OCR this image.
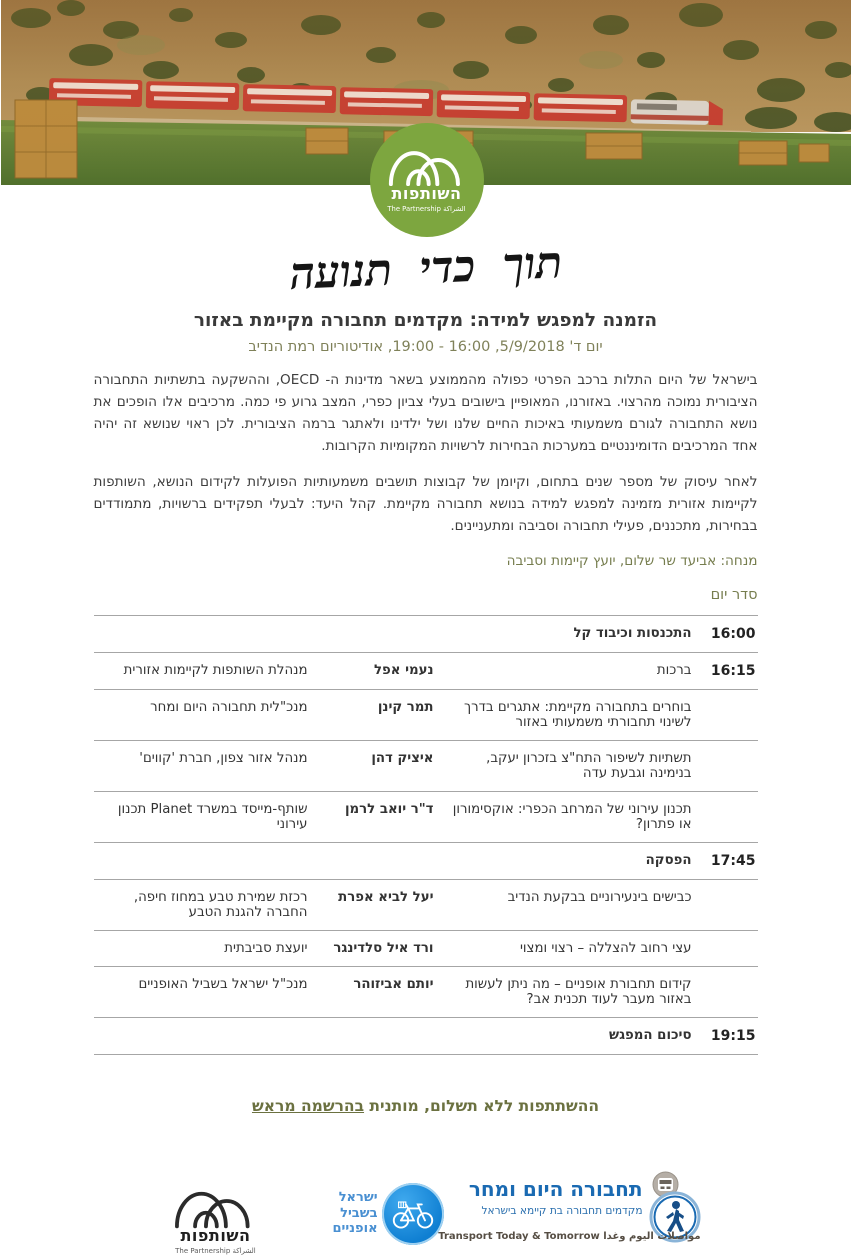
השותפות
The Partnership الشراكة
תוך כדי תנועה
הזמנה למפגש למידה: מקדמים תחבורה מקיימת באזור
יום ד' 5/9/2018, 16:00 - 19:00, אודיטוריום רמת הנדיב

בישראל של היום התלות ברכב הפרטי כפולה מהממוצע בשאר מדינות ה- OECD, וההשקעה בתשתיות התחבורה הציבורית נמוכה מהרצוי. באזורנו, המאופיין בישובים בעלי צביון כפרי, המצב גרוע פי כמה. מרכיבים אלו הופכים את נושא התחבורה לגורם משמעותי באיכות החיים שלנו ושל ילדינו ולאתגר ברמה הציבורית. לכן ראוי שנושא זה יהיה אחד המרכיבים הדומיננטיים במערכות הבחירות לרשויות המקומיות הקרובות.

לאחר עיסוק של מספר שנים בתחום, וקיומן של קבוצות תושבים משמעותיות הפועלות לקידום הנושא, השותפות לקיימות אזורית מזמינה למפגש למידה בנושא תחבורה מקיימת. קהל היעד: לבעלי תפקידים ברשויות, מתמודדים בבחירות, מתכננים, פעילי תחבורה וסביבה ומתעניינים.

מנחה: אביעד שר שלום, יועץ קיימות וסביבה
סדר יום
16:00	התכנסות וכיבוד קל		
16:15	ברכות	נעמי אפל	מנהלת השותפות לקיימות אזורית
	בוחרים בתחבורה מקיימת: אתגרים בדרך לשינוי תחבורתי משמעותי באזור	תמר קינן	מנכ"לית תחבורה היום ומחר
	תשתיות לשיפור התח"צ בזכרון יעקב, בנימינה וגבעת עדה	איציק דהן	מנהל אזור צפון, חברת 'קווים'
	תכנון עירוני של המרחב הכפרי: אוקסימורון או פתרון?	ד"ר יואב לרמן	שותף-מייסד במשרד Planet תכנון עירוני
17:45	הפסקה		
	כבישים בינעירוניים בבקעת הנדיב	יעל לביא אפרת	רכזת שמירת טבע במחוז חיפה, החברה להגנת הטבע
	עצי רחוב להצללה – רצוי ומצוי	ורד איל סלדינגר	יועצת סביבתית
	קידום תחבורת אופניים – מה ניתן לעשות באזור מעבר לעוד תכנית אב?	יותם אביזוהר	מנכ"ל ישראל בשביל האופניים
19:15	סיכום המפגש		
ההשתתפות ללא תשלום, מותנית בהרשמה מראש
השותפות
The Partnership الشراكة
ישראל
בשביל
אופניים
תחבורה היום ומחר
מקדמים תחבורה בת קיימא בישראל
مواصلات اليوم وغدا Transport Today & Tomorrow
